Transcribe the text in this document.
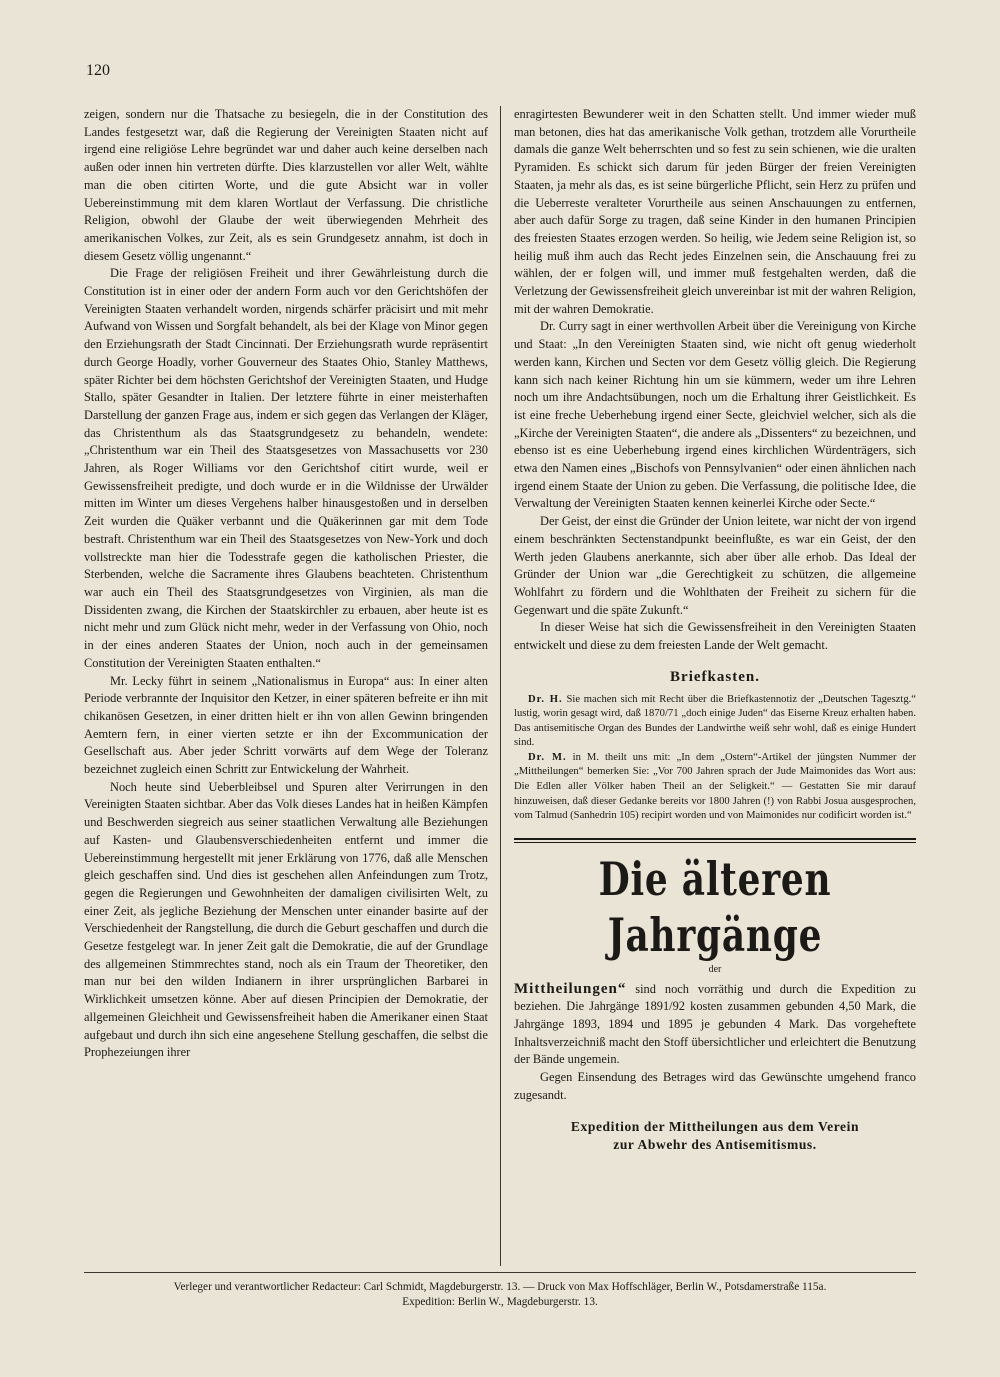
120

zeigen, sondern nur die Thatsache zu besiegeln, die in der Constitution des Landes festgesetzt war, daß die Regierung der Vereinigten Staaten nicht auf irgend eine religiöse Lehre begründet war und daher auch keine derselben nach außen oder innen hin vertreten dürfte. Dies klarzustellen vor aller Welt, wählte man die oben citirten Worte, und die gute Absicht war in voller Uebereinstimmung mit dem klaren Wortlaut der Verfassung. Die christliche Religion, obwohl der Glaube der weit überwiegenden Mehrheit des amerikanischen Volkes, zur Zeit, als es sein Grundgesetz annahm, ist doch in diesem Gesetz völlig ungenannt.“

Die Frage der religiösen Freiheit und ihrer Gewährleistung durch die Constitution ist in einer oder der andern Form auch vor den Gerichtshöfen der Vereinigten Staaten verhandelt worden, nirgends schärfer präcisirt und mit mehr Aufwand von Wissen und Sorgfalt behandelt, als bei der Klage von Minor gegen den Erziehungsrath der Stadt Cincinnati. Der Erziehungsrath wurde repräsentirt durch George Hoadly, vorher Gouverneur des Staates Ohio, Stanley Matthews, später Richter bei dem höchsten Gerichtshof der Vereinigten Staaten, und Hudge Stallo, später Gesandter in Italien. Der letztere führte in einer meisterhaften Darstellung der ganzen Frage aus, indem er sich gegen das Verlangen der Kläger, das Christenthum als das Staatsgrundgesetz zu behandeln, wendete: „Christenthum war ein Theil des Staatsgesetzes von Massachusetts vor 230 Jahren, als Roger Williams vor den Gerichtshof citirt wurde, weil er Gewissensfreiheit predigte, und doch wurde er in die Wildnisse der Urwälder mitten im Winter um dieses Vergehens halber hinausgestoßen und in derselben Zeit wurden die Quäker verbannt und die Quäkerinnen gar mit dem Tode bestraft. Christenthum war ein Theil des Staatsgesetzes von New-York und doch vollstreckte man hier die Todesstrafe gegen die katholischen Priester, die Sterbenden, welche die Sacramente ihres Glaubens beachteten. Christenthum war auch ein Theil des Staatsgrundgesetzes von Virginien, als man die Dissidenten zwang, die Kirchen der Staatskirchler zu erbauen, aber heute ist es nicht mehr und zum Glück nicht mehr, weder in der Verfassung von Ohio, noch in der eines anderen Staates der Union, noch auch in der gemeinsamen Constitution der Vereinigten Staaten enthalten.“

Mr. Lecky führt in seinem „Nationalismus in Europa“ aus: In einer alten Periode verbrannte der Inquisitor den Ketzer, in einer späteren befreite er ihn mit chikanösen Gesetzen, in einer dritten hielt er ihn von allen Gewinn bringenden Aemtern fern, in einer vierten setzte er ihn der Excommunication der Gesellschaft aus. Aber jeder Schritt vorwärts auf dem Wege der Toleranz bezeichnet zugleich einen Schritt zur Entwickelung der Wahrheit.

Noch heute sind Ueberbleibsel und Spuren alter Verirrungen in den Vereinigten Staaten sichtbar. Aber das Volk dieses Landes hat in heißen Kämpfen und Beschwerden siegreich aus seiner staatlichen Verwaltung alle Beziehungen auf Kasten- und Glaubensverschiedenheiten entfernt und immer die Uebereinstimmung hergestellt mit jener Erklärung von 1776, daß alle Menschen gleich geschaffen sind. Und dies ist geschehen allen Anfeindungen zum Trotz, gegen die Regierungen und Gewohnheiten der damaligen civilisirten Welt, zu einer Zeit, als jegliche Beziehung der Menschen unter einander basirte auf der Verschiedenheit der Rangstellung, die durch die Geburt geschaffen und durch die Gesetze festgelegt war. In jener Zeit galt die Demokratie, die auf der Grundlage des allgemeinen Stimmrechtes stand, noch als ein Traum der Theoretiker, den man nur bei den wilden Indianern in ihrer ursprünglichen Barbarei in Wirklichkeit umsetzen könne. Aber auf diesen Principien der Demokratie, der allgemeinen Gleichheit und Gewissensfreiheit haben die Amerikaner einen Staat aufgebaut und durch ihn sich eine angesehene Stellung geschaffen, die selbst die Prophezeiungen ihrer

enragirtesten Bewunderer weit in den Schatten stellt. Und immer wieder muß man betonen, dies hat das amerikanische Volk gethan, trotzdem alle Vorurtheile damals die ganze Welt beherrschten und so fest zu sein schienen, wie die uralten Pyramiden. Es schickt sich darum für jeden Bürger der freien Vereinigten Staaten, ja mehr als das, es ist seine bürgerliche Pflicht, sein Herz zu prüfen und die Ueberreste veralteter Vorurtheile aus seinen Anschauungen zu entfernen, aber auch dafür Sorge zu tragen, daß seine Kinder in den humanen Principien des freiesten Staates erzogen werden. So heilig, wie Jedem seine Religion ist, so heilig muß ihm auch das Recht jedes Einzelnen sein, die Anschauung frei zu wählen, der er folgen will, und immer muß festgehalten werden, daß die Verletzung der Gewissensfreiheit gleich unvereinbar ist mit der wahren Religion, mit der wahren Demokratie.

Dr. Curry sagt in einer werthvollen Arbeit über die Vereinigung von Kirche und Staat: „In den Vereinigten Staaten sind, wie nicht oft genug wiederholt werden kann, Kirchen und Secten vor dem Gesetz völlig gleich. Die Regierung kann sich nach keiner Richtung hin um sie kümmern, weder um ihre Lehren noch um ihre Andachtsübungen, noch um die Erhaltung ihrer Geistlichkeit. Es ist eine freche Ueberhebung irgend einer Secte, gleichviel welcher, sich als die „Kirche der Vereinigten Staaten“, die andere als „Dissenters“ zu bezeichnen, und ebenso ist es eine Ueberhebung irgend eines kirchlichen Würdenträgers, sich etwa den Namen eines „Bischofs von Pennsylvanien“ oder einen ähnlichen nach irgend einem Staate der Union zu geben. Die Verfassung, die politische Idee, die Verwaltung der Vereinigten Staaten kennen keinerlei Kirche oder Secte.“

Der Geist, der einst die Gründer der Union leitete, war nicht der von irgend einem beschränkten Sectenstandpunkt beeinflußte, es war ein Geist, der den Werth jeden Glaubens anerkannte, sich aber über alle erhob. Das Ideal der Gründer der Union war „die Gerechtigkeit zu schützen, die allgemeine Wohlfahrt zu fördern und die Wohlthaten der Freiheit zu sichern für die Gegenwart und die späte Zukunft.“

In dieser Weise hat sich die Gewissensfreiheit in den Vereinigten Staaten entwickelt und diese zu dem freiesten Lande der Welt gemacht.

Briefkasten.

Dr. H. Sie machen sich mit Recht über die Briefkastennotiz der „Deutschen Tagesztg.“ lustig, worin gesagt wird, daß 1870/71 „doch einige Juden“ das Eiserne Kreuz erhalten haben. Das antisemitische Organ des Bundes der Landwirthe weiß sehr wohl, daß es einige Hundert sind.

Dr. M. in M. theilt uns mit: „In dem „Ostern“-Artikel der jüngsten Nummer der „Mittheilungen“ bemerken Sie: „Vor 700 Jahren sprach der Jude Maimonides das Wort aus: Die Edlen aller Völker haben Theil an der Seligkeit.“ — Gestatten Sie mir darauf hinzuweisen, daß dieser Gedanke bereits vor 1800 Jahren (!) von Rabbi Josua ausgesprochen, vom Talmud (Sanhedrin 105) recipirt worden und von Maimonides nur codificirt worden ist.“

Die älteren Jahrgänge
der

Mittheilungen“ sind noch vorräthig und durch die Expedition zu beziehen. Die Jahrgänge 1891/92 kosten zusammen gebunden 4,50 Mark, die Jahrgänge 1893, 1894 und 1895 je gebunden 4 Mark. Das vorgeheftete Inhaltsverzeichniß macht den Stoff übersichtlicher und erleichtert die Benutzung der Bände ungemein.

Gegen Einsendung des Betrages wird das Gewünschte umgehend franco zugesandt.

Expedition der Mittheilungen aus dem Verein
zur Abwehr des Antisemitismus.
Verleger und verantwortlicher Redacteur: Carl Schmidt, Magdeburgerstr. 13. — Druck von Max Hoffschläger, Berlin W., Potsdamerstraße 115a.
Expedition: Berlin W., Magdeburgerstr. 13.
